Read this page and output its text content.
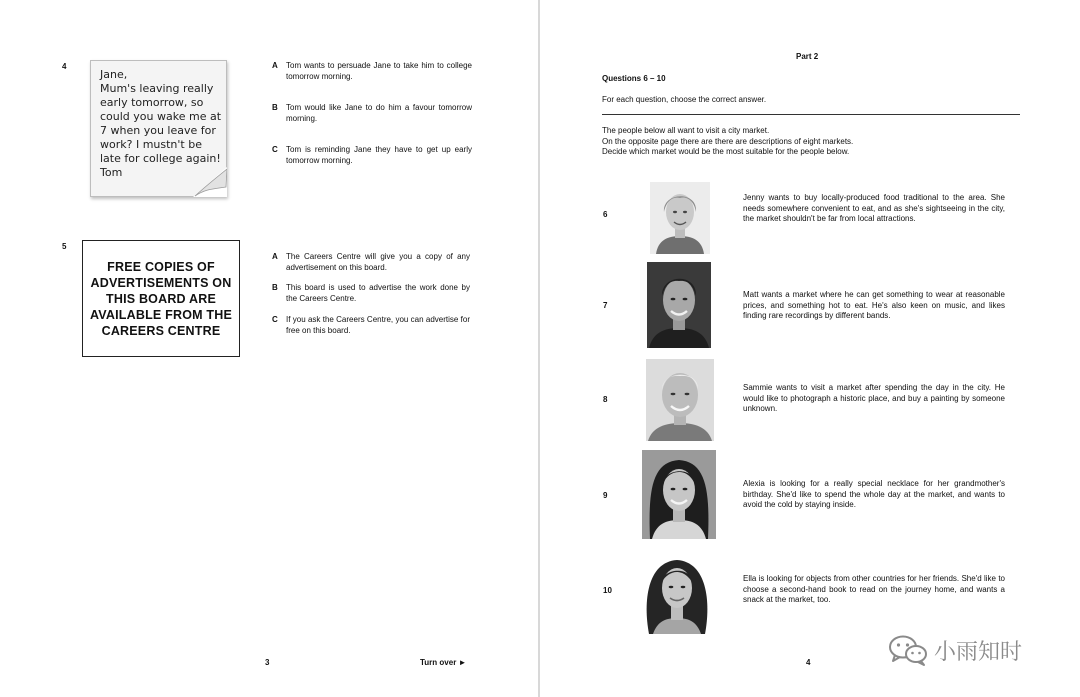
4
Jane,
Mum's leaving really
early tomorrow, so
could you wake me at
7 when you leave for
work? I mustn't be
late for college again!
Tom
A Tom wants to persuade Jane to take him to college tomorrow morning.
B Tom would like Jane to do him a favour tomorrow morning.
C Tom is reminding Jane they have to get up early tomorrow morning.
5
FREE COPIES OF
ADVERTISEMENTS ON
THIS BOARD ARE
AVAILABLE FROM THE
CAREERS CENTRE
A The Careers Centre will give you a copy of any advertisement on this board.
B This board is used to advertise the work done by the Careers Centre.
C If you ask the Careers Centre, you can advertise for free on this board.
3	Turn over ►
Part 2
Questions 6 – 10
For each question, choose the correct answer.
The people below all want to visit a city market.
On the opposite page there are there are descriptions of eight markets.
Decide which market would be the most suitable for the people below.
6
Jenny wants to buy locally-produced food traditional to the area. She needs somewhere convenient to eat, and as she's sightseeing in the city, the market shouldn't be far from local attractions.
7
Matt wants a market where he can get something to wear at reasonable prices, and something hot to eat. He's also keen on music, and likes finding rare recordings by different bands.
8
Sammie wants to visit a market after spending the day in the city. He would like to photograph a historic place, and buy a painting by someone unknown.
9
Alexia is looking for a really special necklace for her grandmother's birthday. She'd like to spend the whole day at the market, and wants to avoid the cold by staying inside.
10
Ella is looking for objects from other countries for her friends. She'd like to choose a second-hand book to read on the journey home, and wants a snack at the market, too.
4	小雨知时
